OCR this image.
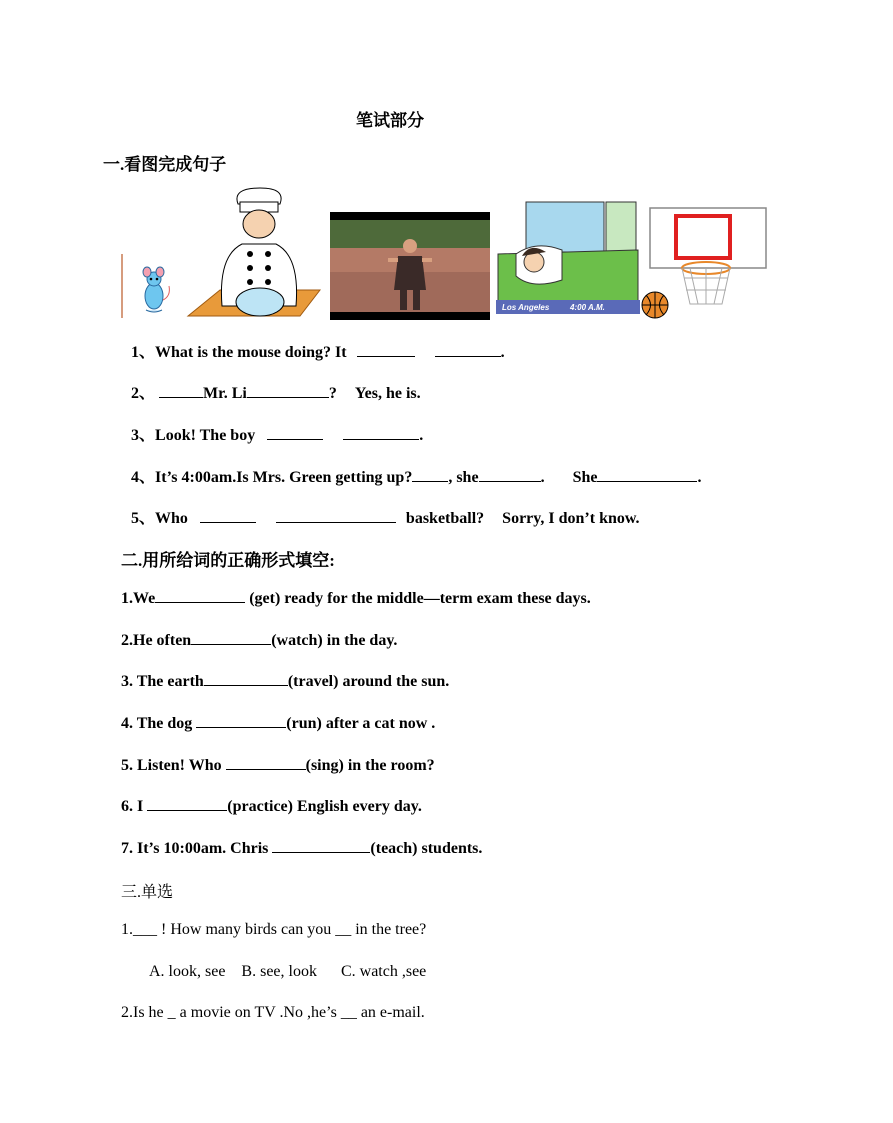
笔试部分
一.看图完成句子
Los Angeles	4:00 A.M.
1、What is the mouse doing? It	.
2、	Mr. Li	? Yes, he is.
3、Look! The boy	.
4、It’s 4:00am.Is Mrs. Green getting up? , she	. She	.
5、Who	basketball? Sorry, I don’t know.
二.用所给词的正确形式填空:
1.We	(get) ready for the middle—term exam these days.
2.He often	(watch) in the day.
3. The earth	(travel) around the sun.
4. The dog	(run) after a cat now .
5. Listen! Who	(sing) in the room?
6. I	(practice) English every day.
7. It’s 10:00am. Chris	(teach) students.
三.单选
1.___ ! How many birds can you __ in the tree?
A. look, see    B. see, look      C. watch ,see
2.Is he _ a movie on TV .No ,he’s __ an e-mail.
